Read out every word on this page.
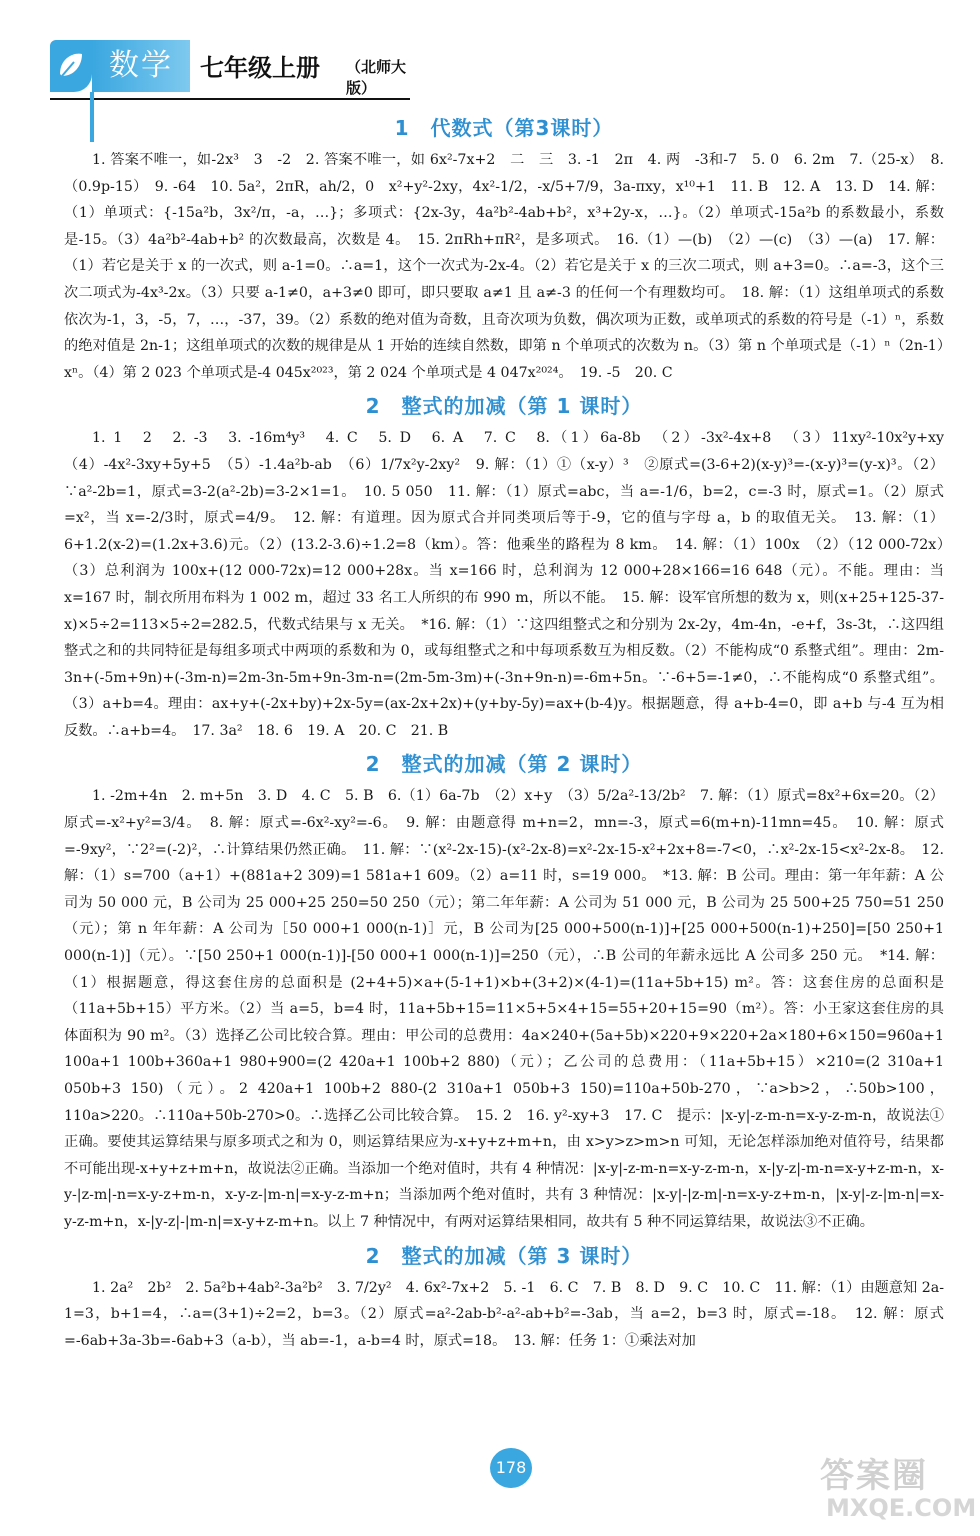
数学	七年级上册 （北师大版）
1　代数式（第3课时）

1. 答案不唯一，如-2x³　3　-2　2. 答案不唯一，如 6x²-7x+2　二　三　3. -1　2π　4. 两　-3和-7　5. 0　6. 2m　7.（25-x）　8.（0.9p-15）　9. -64　10. 5a²，2πR，ah/2，0　x²+y²-2xy，4x²-1/2，-x/5+7/9，3a-πxy，x¹⁰+1　11. B　12. A　13. D　14. 解：（1）单项式：{-15a²b，3x²/π，-a，…}；多项式：{2x-3y，4a²b²-4ab+b²，x³+2y-x，…}。（2）单项式-15a²b 的系数最小，系数是-15。（3）4a²b²-4ab+b² 的次数最高，次数是 4。　15. 2πRh+πR²，是多项式。　16.（1）—(b)　（2）—(c)　（3）—(a)　17. 解：（1）若它是关于 x 的一次式，则 a-1=0。∴a=1，这个一次式为-2x-4。（2）若它是关于 x 的三次二项式，则 a+3=0。∴a=-3，这个三次二项式为-4x³-2x。（3）只要 a-1≠0，a+3≠0 即可，即只要取 a≠1 且 a≠-3 的任何一个有理数均可。　18. 解：（1）这组单项式的系数依次为-1，3，-5，7，…，-37，39。（2）系数的绝对值为奇数，且奇次项为负数，偶次项为正数，或单项式的系数的符号是（-1）ⁿ，系数的绝对值是 2n-1；这组单项式的次数的规律是从 1 开始的连续自然数，即第 n 个单项式的次数为 n。（3）第 n 个单项式是（-1）ⁿ（2n-1）xⁿ。（4）第 2 023 个单项式是-4 045x²⁰²³，第 2 024 个单项式是 4 047x²⁰²⁴。　19. -5　20. C

2　整式的加减（第 1 课时）

1. 1　2　2. -3　3. -16m⁴y³　4. C　5. D　6. A　7. C　8.（1）6a-8b　（2）-3x²-4x+8　（3）11xy²-10x²y+xy　（4）-4x²-3xy+5y+5　（5）-1.4a²b-ab　（6）1/7x²y-2xy²　9. 解：（1）①（x-y）³　②原式=(3-6+2)(x-y)³=-(x-y)³=(y-x)³。（2）∵a²-2b=1，原式=3-2(a²-2b)=3-2×1=1。　10. 5 050　11. 解：（1）原式=abc，当 a=-1/6，b=2，c=-3 时，原式=1。（2）原式=x²，当 x=-2/3时，原式=4/9。　12. 解：有道理。因为原式合并同类项后等于-9，它的值与字母 a，b 的取值无关。　13. 解：（1）6+1.2(x-2)=(1.2x+3.6)元。（2）(13.2-3.6)÷1.2=8（km）。答：他乘坐的路程为 8 km。　14. 解：（1）100x　（2）（12 000-72x）　（3）总利润为 100x+(12 000-72x)=12 000+28x。当 x=166 时，总利润为 12 000+28×166=16 648（元）。不能。理由：当 x=167 时，制衣所用布料为 1 002 m，超过 33 名工人所织的布 990 m，所以不能。　15. 解：设军官所想的数为 x，则(x+25+125-37-x)×5÷2=113×5÷2=282.5，代数式结果与 x 无关。　*16. 解：（1）∵这四组整式之和分别为 2x-2y，4m-4n，-e+f，3s-3t，∴这四组整式之和的共同特征是每组多项式中两项的系数和为 0，或每组整式之和中每项系数互为相反数。（2）不能构成“0 系整式组”。理由：2m-3n+(-5m+9n)+(-3m-n)=2m-3n-5m+9n-3m-n=(2m-5m-3m)+(-3n+9n-n)=-6m+5n。∵-6+5=-1≠0，∴不能构成“0 系整式组”。（3）a+b=4。理由：ax+y+(-2x+by)+2x-5y=(ax-2x+2x)+(y+by-5y)=ax+(b-4)y。根据题意，得 a+b-4=0，即 a+b 与-4 互为相反数。∴a+b=4。　17. 3a²　18. 6　19. A　20. C　21. B

2　整式的加减（第 2 课时）

1. -2m+4n　2. m+5n　3. D　4. C　5. B　6.（1）6a-7b　（2）x+y　（3）5/2a²-13/2b²　7. 解：（1）原式=8x²+6x=20。（2）原式=-x²+y²=3/4。　8. 解：原式=-6x²-xy²=-6。　9. 解：由题意得 m+n=2，mn=-3，原式=6(m+n)-11mn=45。　10. 解：原式=-9xy²，∵2²=(-2)²，∴计算结果仍然正确。　11. 解：∵(x²-2x-15)-(x²-2x-8)=x²-2x-15-x²+2x+8=-7<0，∴x²-2x-15<x²-2x-8。　12. 解：（1）s=700（a+1）+(881a+2 309)=1 581a+1 609。（2）a=11 时，s=19 000。　*13. 解：B 公司。理由：第一年年薪：A 公司为 50 000 元，B 公司为 25 000+25 250=50 250（元）；第二年年薪：A 公司为 51 000 元，B 公司为 25 500+25 750=51 250（元）；第 n 年年薪：A 公司为［50 000+1 000(n-1)］元，B 公司为[25 000+500(n-1)]+[25 000+500(n-1)+250]=[50 250+1 000(n-1)]（元）。∵[50 250+1 000(n-1)]-[50 000+1 000(n-1)]=250（元），∴B 公司的年薪永远比 A 公司多 250 元。　*14. 解：（1）根据题意，得这套住房的总面积是 (2+4+5)×a+(5-1+1)×b+(3+2)×(4-1)=(11a+5b+15) m²。答：这套住房的总面积是（11a+5b+15）平方米。（2）当 a=5，b=4 时，11a+5b+15=11×5+5×4+15=55+20+15=90（m²）。答：小王家这套住房的具体面积为 90 m²。（3）选择乙公司比较合算。理由：甲公司的总费用：4a×240+(5a+5b)×220+9×220+2a×180+6×150=960a+1 100a+1 100b+360a+1 980+900=(2 420a+1 100b+2 880)（元）；乙公司的总费用：（11a+5b+15）×210=(2 310a+1 050b+3 150)（元）。2 420a+1 100b+2 880-(2 310a+1 050b+3 150)=110a+50b-270，∵a>b>2，∴50b>100，110a>220。∴110a+50b-270>0。∴选择乙公司比较合算。　15. 2　16. y²-xy+3　17. C　提示：|x-y|-z-m-n=x-y-z-m-n，故说法①正确。要使其运算结果与原多项式之和为 0，则运算结果应为-x+y+z+m+n，由 x>y>z>m>n 可知，无论怎样添加绝对值符号，结果都不可能出现-x+y+z+m+n，故说法②正确。当添加一个绝对值时，共有 4 种情况：|x-y|-z-m-n=x-y-z-m-n，x-|y-z|-m-n=x-y+z-m-n，x-y-|z-m|-n=x-y-z+m-n，x-y-z-|m-n|=x-y-z-m+n；当添加两个绝对值时，共有 3 种情况：|x-y|-|z-m|-n=x-y-z+m-n，|x-y|-z-|m-n|=x-y-z-m+n，x-|y-z|-|m-n|=x-y+z-m+n。以上 7 种情况中，有两对运算结果相同，故共有 5 种不同运算结果，故说法③不正确。

2　整式的加减（第 3 课时）

1. 2a²　2b²　2. 5a²b+4ab²-3a²b²　3. 7/2y²　4. 6x²-7x+2　5. -1　6. C　7. B　8. D　9. C　10. C　11. 解：（1）由题意知 2a-1=3，b+1=4，∴a=(3+1)÷2=2，b=3。（2）原式=a²-2ab-b²-a²-ab+b²=-3ab，当 a=2，b=3 时，原式=-18。　12. 解：原式=-6ab+3a-3b=-6ab+3（a-b），当 ab=-1，a-b=4 时，原式=18。　13. 解：任务 1：①乘法对加

178	答案圈
MXQE.COM
